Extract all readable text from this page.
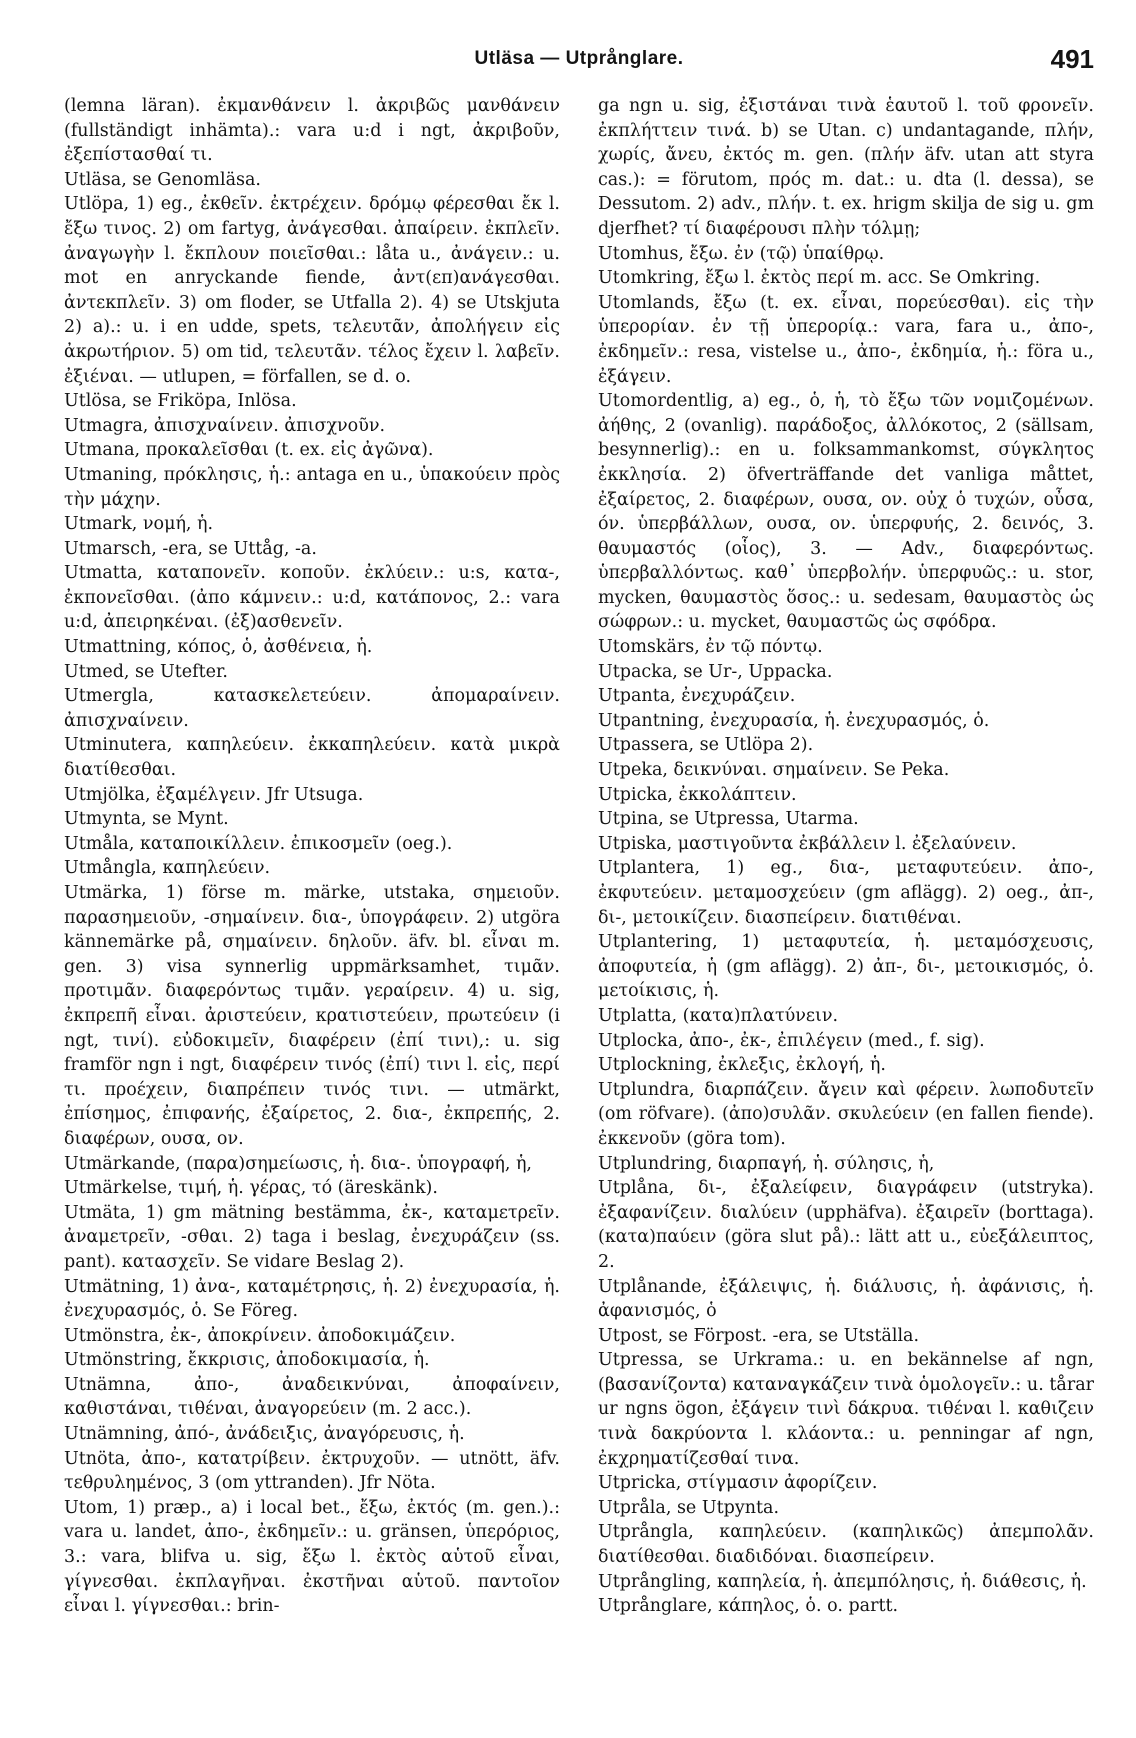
Utläsa — Utprånglare.	491

(lemna läran). ἐκμανθάνειν l. ἀκριβῶς μανθάνειν (fullständigt inhämta).: vara u:d i ngt, ἀκριβοῦν, ἐξεπίστασθαί τι.

Utläsa, se Genomläsa.

Utlöpa, 1) eg., ἐκθεῖν. ἐκτρέχειν. δρόμῳ φέρεσθαι ἔκ l. ἔξω τινος. 2) om fartyg, ἀνάγεσθαι. ἀπαίρειν. ἐκπλεῖν. ἀναγωγὴν l. ἔκπλουν ποιεῖσθαι.: låta u., ἀνάγειν.: u. mot en anryckande fiende, ἀντ(επ)ανάγεσθαι. ἀντεκπλεῖν. 3) om floder, se Utfalla 2). 4) se Utskjuta 2) a).: u. i en udde, spets, τελευτᾶν, ἀπολήγειν εἰς ἀκρωτήριον. 5) om tid, τελευτᾶν. τέλος ἔχειν l. λαβεῖν. ἐξιέναι. — utlupen, = förfallen, se d. o.

Utlösa, se Friköpa, Inlösa.

Utmagra, ἀπισχναίνειν. ἀπισχνοῦν.

Utmana, προκαλεῖσθαι (t. ex. εἰς ἀγῶνα).

Utmaning, πρόκλησις, ἡ.: antaga en u., ὑπακούειν πρὸς τὴν μάχην.

Utmark, νομή, ἡ.

Utmarsch, -era, se Uttåg, -a.

Utmatta, καταπονεῖν. κοποῦν. ἐκλύειν.: u:s, κατα-, ἐκπονεῖσθαι. (ἀπο κάμνειν.: u:d, κατάπονος, 2.: vara u:d, ἀπειρηκέναι. (ἐξ)ασθενεῖν.

Utmattning, κόπος, ὁ, ἀσθένεια, ἡ.

Utmed, se Utefter.

Utmergla, κατασκελετεύειν. ἀπομαραίνειν. ἀπισχναίνειν.

Utminutera, καπηλεύειν. ἐκκαπηλεύειν. κατὰ μικρὰ διατίθεσθαι.

Utmjölka, ἐξαμέλγειν. Jfr Utsuga.

Utmynta, se Mynt.

Utmåla, καταποικίλλειν. ἐπικοσμεῖν (oeg.).

Utmångla, καπηλεύειν.

Utmärka, 1) förse m. märke, utstaka, σημειοῦν. παρασημειοῦν, -σημαίνειν. δια-, ὑπογράφειν. 2) utgöra kännemärke på, σημαίνειν. δηλοῦν. äfv. bl. εἶναι m. gen. 3) visa synnerlig uppmärksamhet, τιμᾶν. προτιμᾶν. διαφερόντως τιμᾶν. γεραίρειν. 4) u. sig, ἐκπρεπῆ εἶναι. ἀριστεύειν, κρατιστεύειν, πρωτεύειν (i ngt, τινί). εὐδοκιμεῖν, διαφέρειν (ἐπί τινι),: u. sig framför ngn i ngt, διαφέρειν τινός (ἐπί) τινι l. εἰς, περί τι. προέχειν, διαπρέπειν τινός τινι. — utmärkt, ἐπίσημος, ἐπιφανής, ἐξαίρετος, 2. δια-, ἐκπρεπής, 2. διαφέρων, ουσα, ον.

Utmärkande, (παρα)σημείωσις, ἡ. δια-. ὑπογραφή, ἡ,

Utmärkelse, τιμή, ἡ. γέρας, τό (äreskänk).

Utmäta, 1) gm mätning bestämma, ἐκ-, καταμετρεῖν. ἀναμετρεῖν, -σθαι. 2) taga i beslag, ἐνεχυράζειν (ss. pant). κατασχεῖν. Se vidare Beslag 2).

Utmätning, 1) ἀνα-, καταμέτρησις, ἡ. 2) ἐνεχυρασία, ἡ. ἐνεχυρασμός, ὁ. Se Föreg.

Utmönstra, ἐκ-, ἀποκρίνειν. ἀποδοκιμάζειν.

Utmönstring, ἔκκρισις, ἀποδοκιμασία, ἡ.

Utnämna, ἀπο-, ἀναδεικνύναι, ἀποφαίνειν, καθιστάναι, τιθέναι, ἀναγορεύειν (m. 2 acc.).

Utnämning, ἀπό-, ἀνάδειξις, ἀναγόρευσις, ἡ.

Utnöta, ἀπο-, κατατρίβειν. ἐκτρυχοῦν. — utnött, äfv. τεθρυλημένος, 3 (om yttranden). Jfr Nöta.

Utom, 1) præp., a) i local bet., ἔξω, ἐκτός (m. gen.).: vara u. landet, ἀπο-, ἐκδημεῖν.: u. gränsen, ὑπερόριος, 3.: vara, blifva u. sig, ἔξω l. ἐκτὸς αὑτοῦ εἶναι, γίγνεσθαι. ἐκπλαγῆναι. ἐκστῆναι αὑτοῦ. παντοῖον εἶναι l. γίγνεσθαι.: brin-

ga ngn u. sig, ἐξιστάναι τινὰ ἑαυτοῦ l. τοῦ φρονεῖν. ἐκπλήττειν τινά. b) se Utan. c) undantagande, πλήν, χωρίς, ἄνευ, ἐκτός m. gen. (πλήν äfv. utan att styra cas.): = förutom, πρός m. dat.: u. dta (l. dessa), se Dessutom. 2) adv., πλήν. t. ex. hrigm skilja de sig u. gm djerfhet? τί διαφέρουσι πλὴν τόλμῃ;

Utomhus, ἔξω. ἐν (τῷ) ὑπαίθρῳ.

Utomkring, ἔξω l. ἐκτὸς περί m. acc. Se Omkring.

Utomlands, ἔξω (t. ex. εἶναι, πορεύεσθαι). εἰς τὴν ὑπερορίαν. ἐν τῇ ὑπερορίᾳ.: vara, fara u., ἀπο-, ἐκδημεῖν.: resa, vistelse u., ἀπο-, ἐκδημία, ἡ.: föra u., ἐξάγειν.

Utomordentlig, a) eg., ὁ, ἡ, τὸ ἔξω τῶν νομιζομένων. ἀήθης, 2 (ovanlig). παράδοξος, ἀλλόκοτος, 2 (sällsam, besynnerlig).: en u. folksammankomst, σύγκλητος ἐκκλησία. 2) öfverträffande det vanliga måttet, ἐξαίρετος, 2. διαφέρων, ουσα, ον. οὐχ ὁ τυχών, οὖσα, όν. ὑπερβάλλων, ουσα, ον. ὑπερφυής, 2. δεινός, 3. θαυμαστός (οἷος), 3. — Adv., διαφερόντως. ὑπερβαλλόντως. καθ᾽ ὑπερβολήν. ὑπερφυῶς.: u. stor, mycken, θαυμαστὸς ὅσος.: u. sedesam, θαυμαστὸς ὡς σώφρων.: u. mycket, θαυμαστῶς ὡς σφόδρα.

Utomskärs, ἐν τῷ πόντῳ.

Utpacka, se Ur-, Uppacka.

Utpanta, ἐνεχυράζειν.

Utpantning, ἐνεχυρασία, ἡ. ἐνεχυρασμός, ὁ.

Utpassera, se Utlöpa 2).

Utpeka, δεικνύναι. σημαίνειν. Se Peka.

Utpicka, ἐκκολάπτειν.

Utpina, se Utpressa, Utarma.

Utpiska, μαστιγοῦντα ἐκβάλλειν l. ἐξελαύνειν.

Utplantera, 1) eg., δια-, μεταφυτεύειν. ἀπο-, ἐκφυτεύειν. μεταμοσχεύειν (gm aflägg). 2) oeg., ἀπ-, δι-, μετοικίζειν. διασπείρειν. διατιθέναι.

Utplantering, 1) μεταφυτεία, ἡ. μεταμόσχευσις, ἀποφυτεία, ἡ (gm aflägg). 2) ἀπ-, δι-, μετοικισμός, ὁ. μετοίκισις, ἡ.

Utplatta, (κατα)πλατύνειν.

Utplocka, ἀπο-, ἐκ-, ἐπιλέγειν (med., f. sig).

Utplockning, ἐκλεξις, ἐκλογή, ἡ.

Utplundra, διαρπάζειν. ἄγειν καὶ φέρειν. λωποδυτεῖν (om röfvare). (ἀπο)συλᾶν. σκυλεύειν (en fallen fiende). ἐκκενοῦν (göra tom).

Utplundring, διαρπαγή, ἡ. σύλησις, ἡ,

Utplåna, δι-, ἐξαλείφειν, διαγράφειν (utstryka). ἐξαφανίζειν. διαλύειν (upphäfva). ἐξαιρεῖν (borttaga). (κατα)παύειν (göra slut på).: lätt att u., εὐεξάλειπτος, 2.

Utplånande, ἐξάλειψις, ἡ. διάλυσις, ἡ. ἀφάνισις, ἡ. ἀφανισμός, ὁ

Utpost, se Förpost. -era, se Utställa.

Utpressa, se Urkrama.: u. en bekännelse af ngn, (βασανίζοντα) καταναγκάζειν τινὰ ὁμολογεῖν.: u. tårar ur ngns ögon, ἐξάγειν τινὶ δάκρυα. τιθέναι l. καθιζειν τινὰ δακρύοντα l. κλάοντα.: u. penningar af ngn, ἐκχρηματίζεσθαί τινα.

Utpricka, στίγμασιν ἀφορίζειν.

Utpråla, se Utpynta.

Utprångla, καπηλεύειν. (καπηλικῶς) ἀπεμπολᾶν. διατίθεσθαι. διαδιδόναι. διασπείρειν.

Utprångling, καπηλεία, ἡ. ἀπεμπόλησις, ἡ. διάθεσις, ἡ.

Utprånglare, κάπηλος, ὁ. o. partt.
